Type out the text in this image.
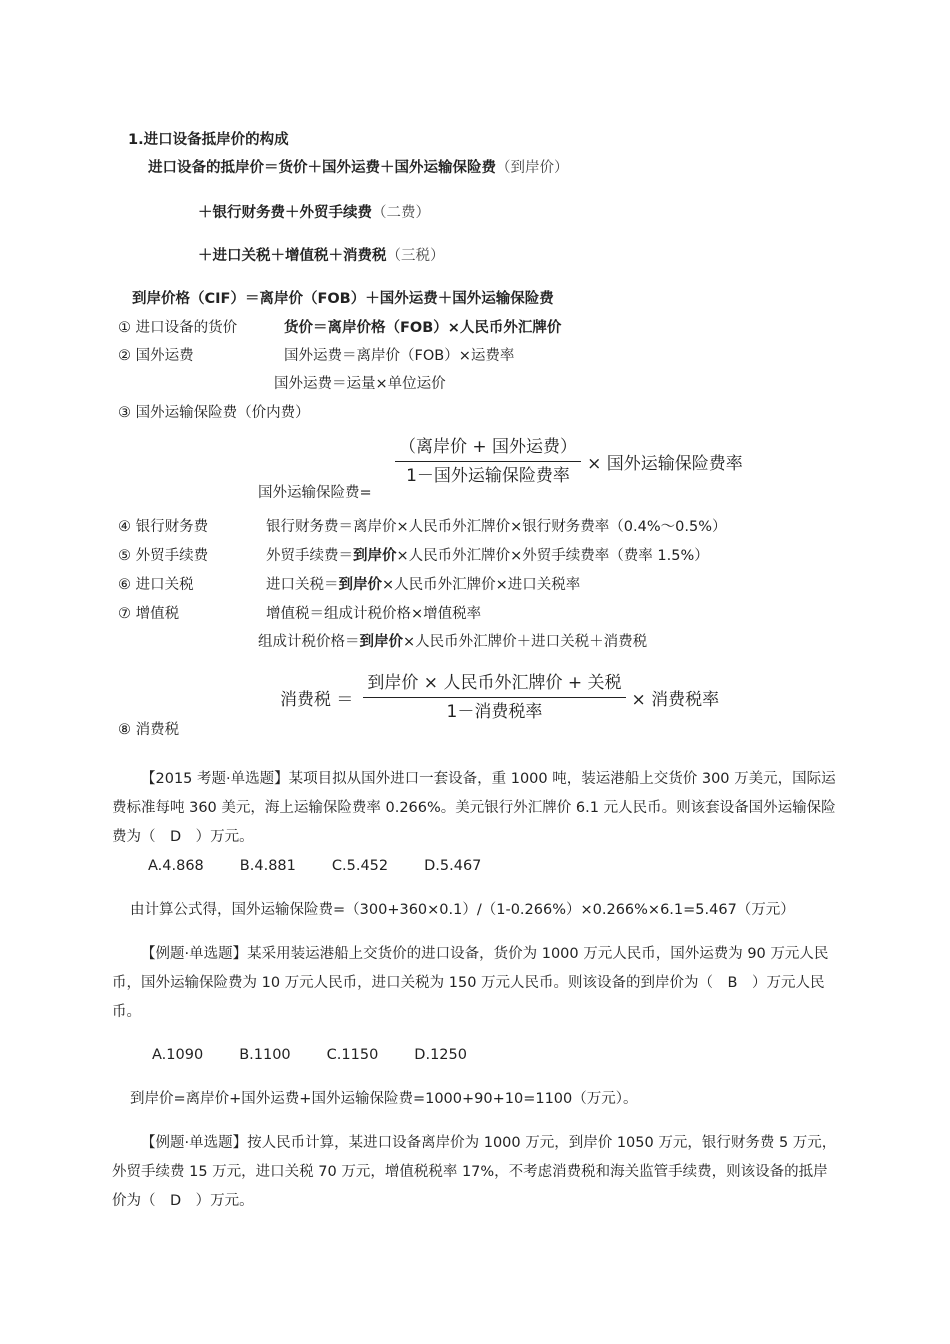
1.进口设备抵岸价的构成
进口设备的抵岸价＝货价＋国外运费＋国外运输保险费（到岸价）
＋银行财务费＋外贸手续费（二费）
＋进口关税＋增值税＋消费税（三税）
到岸价格（CIF）＝离岸价（FOB）＋国外运费＋国外运输保险费
① 进口设备的货价	货价＝离岸价格（FOB）×人民币外汇牌价
② 国外运费	国外运费＝离岸价（FOB）×运费率
国外运费＝运量×单位运价
③ 国外运输保险费（价内费）
国外运输保险费=
$\frac{\text{（离岸价 + 国外运费）}}{\text{1－国外运输保险费率}}$ × 国外运输保险费率
④ 银行财务费	银行财务费＝离岸价×人民币外汇牌价×银行财务费率（0.4%～0.5%）
⑤ 外贸手续费	外贸手续费＝到岸价×人民币外汇牌价×外贸手续费率（费率 1.5%）
⑥ 进口关税	进口关税＝到岸价×人民币外汇牌价×进口关税率
⑦ 增值税	增值税＝组成计税价格×增值税率
组成计税价格＝到岸价×人民币外汇牌价＋进口关税＋消费税
消费税 ＝ $\frac{\text{到岸价 × 人民币外汇牌价 + 关税}}{\text{1－消费税率}}$ × 消费税率
⑧ 消费税
【2015 考题·单选题】某项目拟从国外进口一套设备，重 1000 吨，装运港船上交货价 300 万美元，国际运费标准每吨 360 美元，海上运输保险费率 0.266%。美元银行外汇牌价 6.1 元人民币。则该套设备国外运输保险费为（　D　）万元。
A.4.868 B.4.881 C.5.452 D.5.467
由计算公式得，国外运输保险费=（300+360×0.1）/（1-0.266%）×0.266%×6.1=5.467（万元）
【例题·单选题】某采用装运港船上交货价的进口设备，货价为 1000 万元人民币，国外运费为 90 万元人民币，国外运输保险费为 10 万元人民币，进口关税为 150 万元人民币。则该设备的到岸价为（　B　）万元人民币。
A.1090 B.1100 C.1150 D.1250
到岸价=离岸价+国外运费+国外运输保险费=1000+90+10=1100（万元）。
【例题·单选题】按人民币计算，某进口设备离岸价为 1000 万元，到岸价 1050 万元，银行财务费 5 万元，外贸手续费 15 万元，进口关税 70 万元，增值税税率 17%，不考虑消费税和海关监管手续费，则该设备的抵岸价为（　D　）万元。
